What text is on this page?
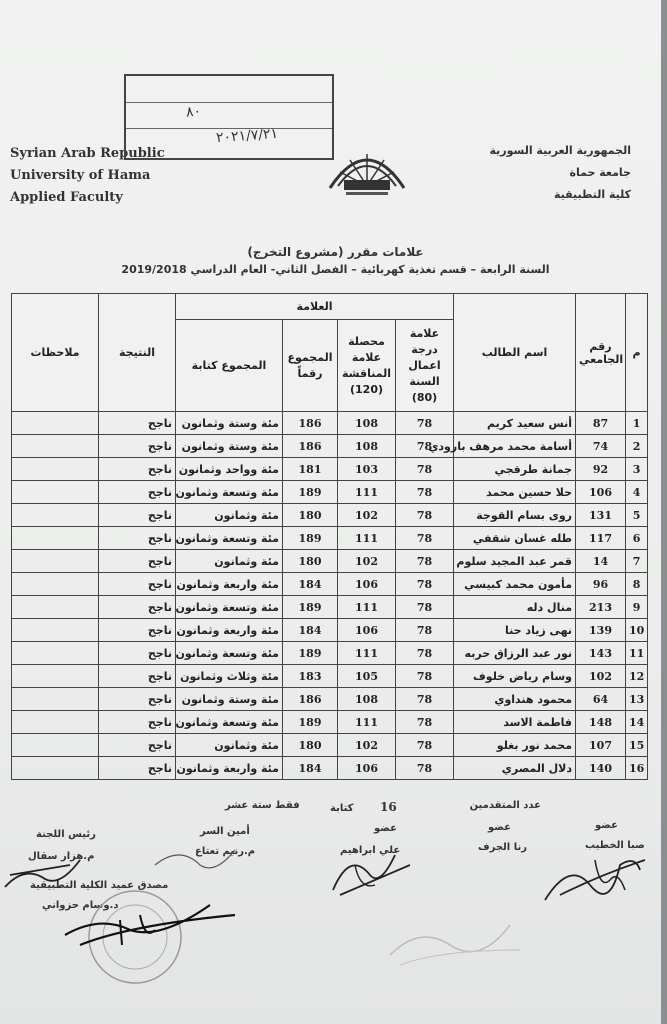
Syrian Arab Republic
University of Hama
Applied Faculty
الجمهورية العربية السورية
جامعة حماة
كلية التطبيقية
٨٠
٢٠٢١/٧/٢١
علامات مقرر (مشروع التخرج)
السنة الرابعة – قسم تغذية كهربائية – الفصل الثاني- العام الدراسي 2019/2018
ملاحظات	النتيجة	العلامة				اسم الطالب	رقم الجامعي	م
		المجموع كتابة	المجموع رقماً	محصلة علامة المناقشة (120)	علامة درجة اعمال السنة (80)			
	ناجح	مئة وستة وثمانون	186	108	78	أنس سعيد كريم	87	1
	ناجح	مئة وستة وثمانون	186	108	78	أسامة محمد مرهف بارودي	74	2
	ناجح	مئة وواحد وثمانون	181	103	78	جمانة طرقجي	92	3
	ناجح	مئة وتسعة وثمانون	189	111	78	حلا حسين محمد	106	4
	ناجح	مئة وثمانون	180	102	78	روى بسام القوجة	131	5
	ناجح	مئة وتسعة وثمانون	189	111	78	طله غسان شقفي	117	6
	ناجح	مئة وثمانون	180	102	78	قمر عبد المجيد سلوم	14	7
	ناجح	مئة واربعة وثمانون	184	106	78	مأمون محمد كبيسي	96	8
	ناجح	مئة وتسعة وثمانون	189	111	78	منال دله	213	9
	ناجح	مئة واربعة وثمانون	184	106	78	نهى زياد حنا	139	10
	ناجح	مئة وتسعة وثمانون	189	111	78	نور عبد الرزاق حربه	143	11
	ناجح	مئة وثلاث وثمانون	183	105	78	وسام رياض خلوف	102	12
	ناجح	مئة وستة وثمانون	186	108	78	محمود هنداوي	64	13
	ناجح	مئة وتسعة وثمانون	189	111	78	فاطمة الاسد	148	14
	ناجح	مئة وثمانون	180	102	78	محمد نور بغلو	107	15
	ناجح	مئة واربعة وثمانون	184	106	78	دلال المصري	140	16
عدد المتقدمين
16
كتابة
فقط ستة عشر
عضو
عضو
عضو
أمين السر
رئيس اللجنة
صبا الخطيب
رنا الجرف
علي ابراهيم
م.رنيم تعتاع
م.هزار سقال
مصدق عميد الكلية التطبيقية
د.وسام حزواني
